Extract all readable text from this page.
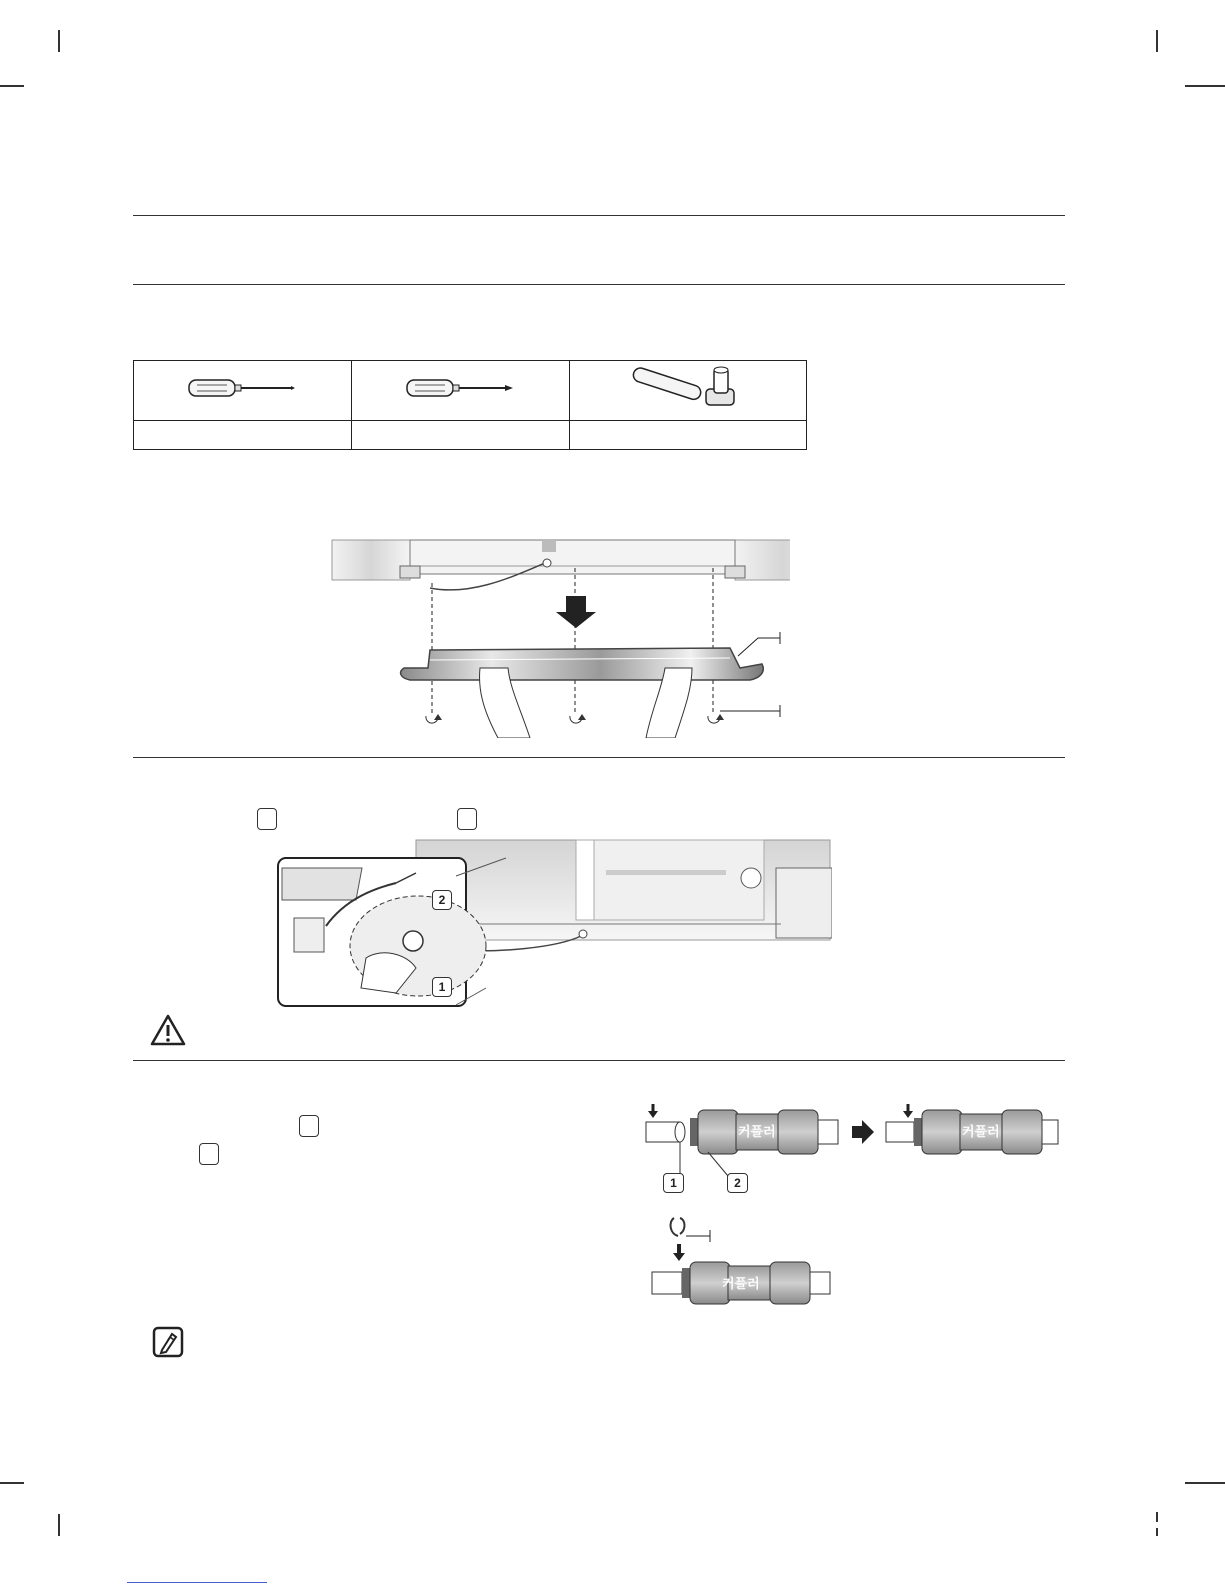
2
1
커플러	커플러
커플러
1	2
